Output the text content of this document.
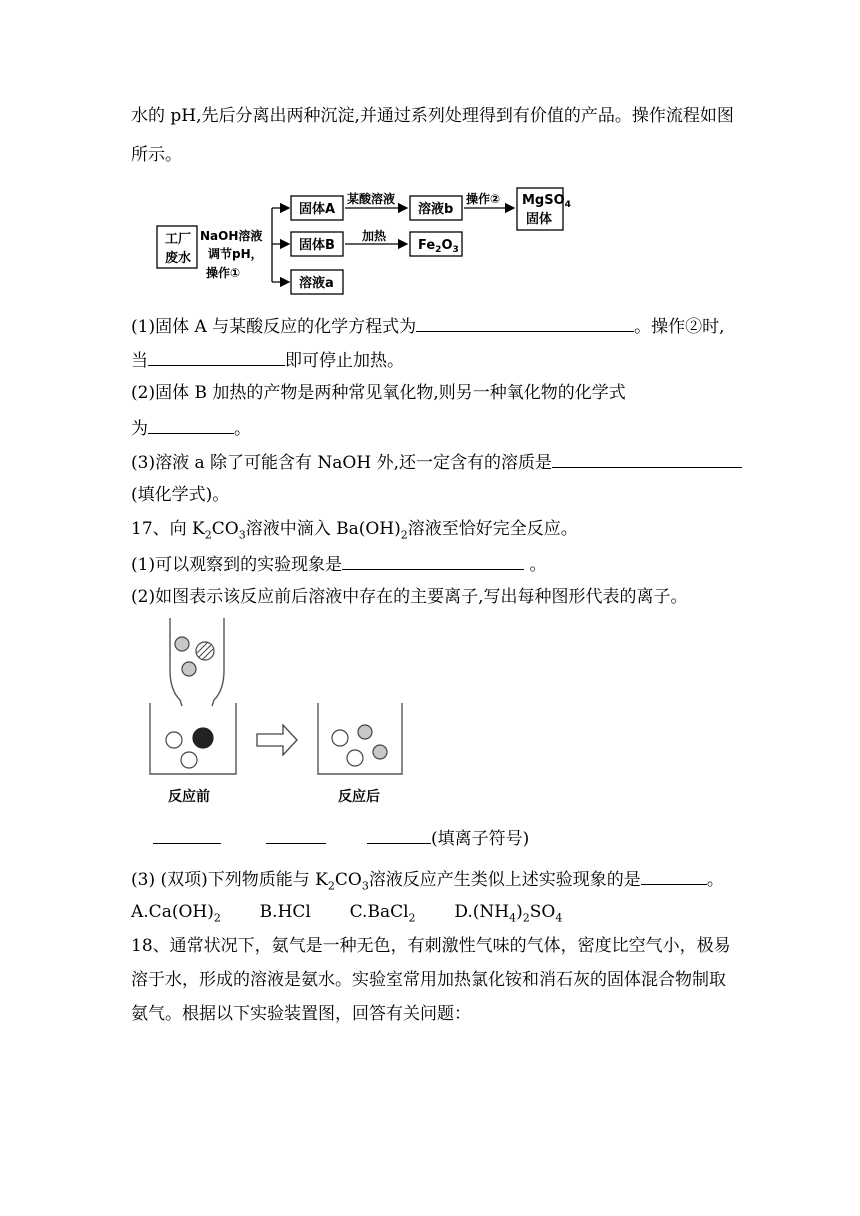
水的 pH,先后分离出两种沉淀,并通过系列处理得到有价值的产品。操作流程如图
所示。
工厂
废水
NaOH溶液
调节pH，
操作①
固体A
固体B
溶液a
某酸溶液
溶液b
操作② MgSO$_4$
固体
加热
$Fe_2O_3$
(1)固体 A 与某酸反应的化学方程式为	。操作②时,
当	即可停止加热。
(2)固体 B 加热的产物是两种常见氧化物,则另一种氧化物的化学式
为	。
(3)溶液 a 除了可能含有 NaOH 外,还一定含有的溶质是
(填化学式)。
17、向 $K_2CO_3$溶液中滴入 $Ba(OH)_2$溶液至恰好完全反应。
(1)可以观察到的实验现象是	。
(2)如图表示该反应前后溶液中存在的主要离子,写出每种图形代表的离子。
反应前	反应后
(填离子符号)
(3) (双项)下列物质能与 $K_2CO_3$溶液反应产生类似上述实验现象的是	。
$A.Ca(OH)_2$ B.HCl C.BaCl$_2$ $D.(NH_4)_2SO_4$
18、通常状况下，氨气是一种无色，有刺激性气味的气体，密度比空气小，极易
溶于水，形成的溶液是氨水。实验室常用加热氯化铵和消石灰的固体混合物制取
氨气。根据以下实验装置图，回答有关问题：
